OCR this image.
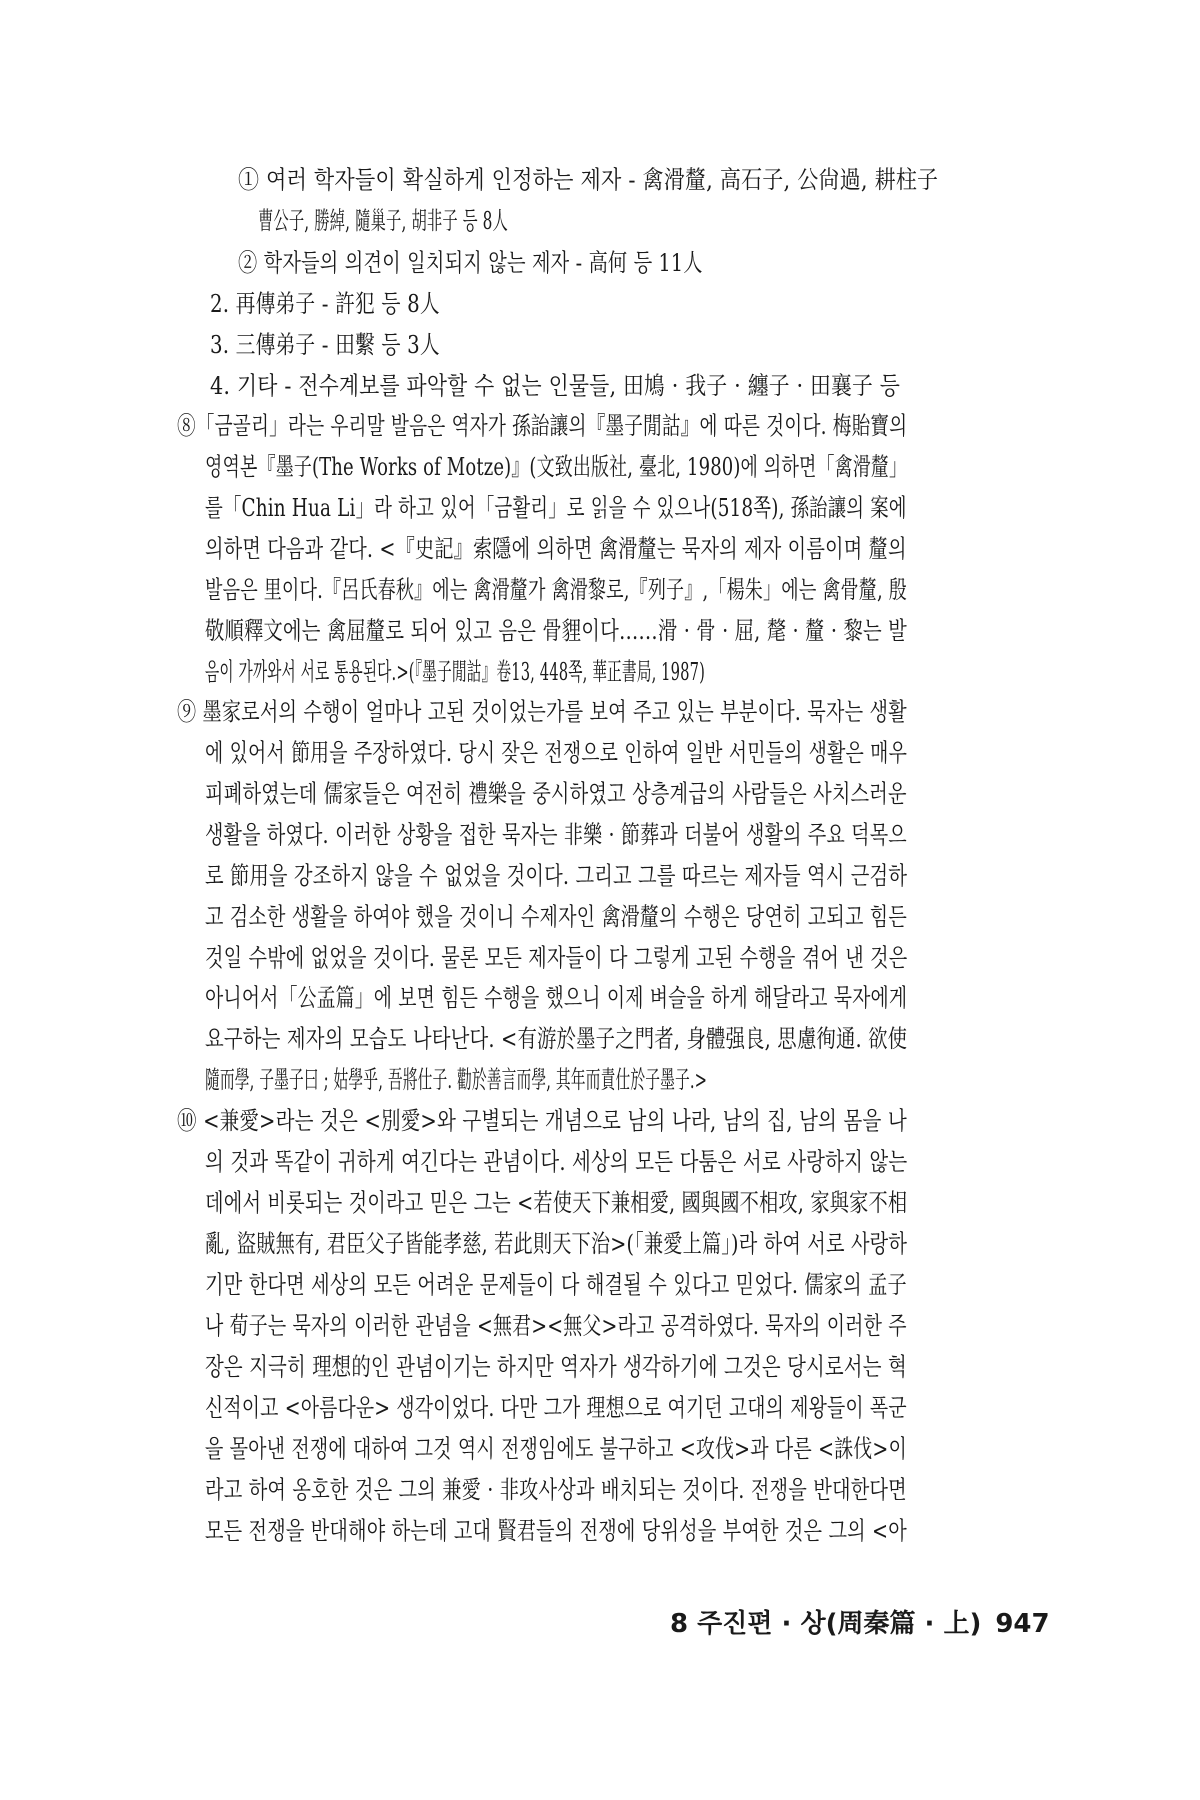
① 여러 학자들이 확실하게 인정하는 제자 - 禽滑釐, 高石子, 公尙過, 耕柱子
曹公子, 勝綽, 隨巢子, 胡非子 등 8人
② 학자들의 의견이 일치되지 않는 제자 - 高何 등 11人
2. 再傳弟子 - 許犯 등 8人
3. 三傳弟子 - 田繫 등 3人
4. 기타 - 전수계보를 파악할 수 없는 인물들, 田鳩 · 我子 · 纏子 · 田襄子 등
⑧「금골리」라는 우리말 발음은 역자가 孫詒讓의『墨子閒詁』에 따른 것이다. 梅貽寶의
영역본『墨子(The Works of Motze)』(文致出版社, 臺北, 1980)에 의하면「禽滑釐」
를「Chin Hua Li」라 하고 있어「금활리」로 읽을 수 있으나(518쪽), 孫詒讓의 案에
의하면 다음과 같다. <『史記』索隱에 의하면 禽滑釐는 묵자의 제자 이름이며 釐의
발음은 里이다.『呂氏春秋』에는 禽滑釐가 禽滑黎로,『列子』,「楊朱」에는 禽骨釐, 殷
敬順釋文에는 禽屈釐로 되어 있고 음은 骨貍이다……滑 · 骨 · 屈, 氂 · 釐 · 黎는 발
음이 가까와서 서로 통용된다.>(『墨子閒詁』卷13, 448쪽, 華正書局, 1987)
⑨ 墨家로서의 수행이 얼마나 고된 것이었는가를 보여 주고 있는 부분이다. 묵자는 생활
에 있어서 節用을 주장하였다. 당시 잦은 전쟁으로 인하여 일반 서민들의 생활은 매우
피폐하였는데 儒家들은 여전히 禮樂을 중시하였고 상층계급의 사람들은 사치스러운
생활을 하였다. 이러한 상황을 접한 묵자는 非樂 · 節葬과 더불어 생활의 주요 덕목으
로 節用을 강조하지 않을 수 없었을 것이다. 그리고 그를 따르는 제자들 역시 근검하
고 검소한 생활을 하여야 했을 것이니 수제자인 禽滑釐의 수행은 당연히 고되고 힘든
것일 수밖에 없었을 것이다. 물론 모든 제자들이 다 그렇게 고된 수행을 겪어 낸 것은
아니어서「公孟篇」에 보면 힘든 수행을 했으니 이제 벼슬을 하게 해달라고 묵자에게
요구하는 제자의 모습도 나타난다. <有游於墨子之門者, 身體强良, 思慮徇通. 欲使
隨而學, 子墨子曰 ; 姑學乎, 吾將仕子. 勸於善言而學, 其年而責仕於子墨子.>
⑩ <兼愛>라는 것은 <別愛>와 구별되는 개념으로 남의 나라, 남의 집, 남의 몸을 나
의 것과 똑같이 귀하게 여긴다는 관념이다. 세상의 모든 다툼은 서로 사랑하지 않는
데에서 비롯되는 것이라고 믿은 그는 <若使天下兼相愛, 國與國不相攻, 家與家不相
亂, 盜賊無有, 君臣父子皆能孝慈, 若此則天下治>(「兼愛上篇」)라 하여 서로 사랑하
기만 한다면 세상의 모든 어려운 문제들이 다 해결될 수 있다고 믿었다. 儒家의 孟子
나 荀子는 묵자의 이러한 관념을 <無君><無父>라고 공격하였다. 묵자의 이러한 주
장은 지극히 理想的인 관념이기는 하지만 역자가 생각하기에 그것은 당시로서는 혁
신적이고 <아름다운> 생각이었다. 다만 그가 理想으로 여기던 고대의 제왕들이 폭군
을 몰아낸 전쟁에 대하여 그것 역시 전쟁임에도 불구하고 <攻伐>과 다른 <誅伐>이
라고 하여 옹호한 것은 그의 兼愛 · 非攻사상과 배치되는 것이다. 전쟁을 반대한다면
모든 전쟁을 반대해야 하는데 고대 賢君들의 전쟁에 당위성을 부여한 것은 그의 <아
8 주진편 · 상(周秦篇 · 上) 947
